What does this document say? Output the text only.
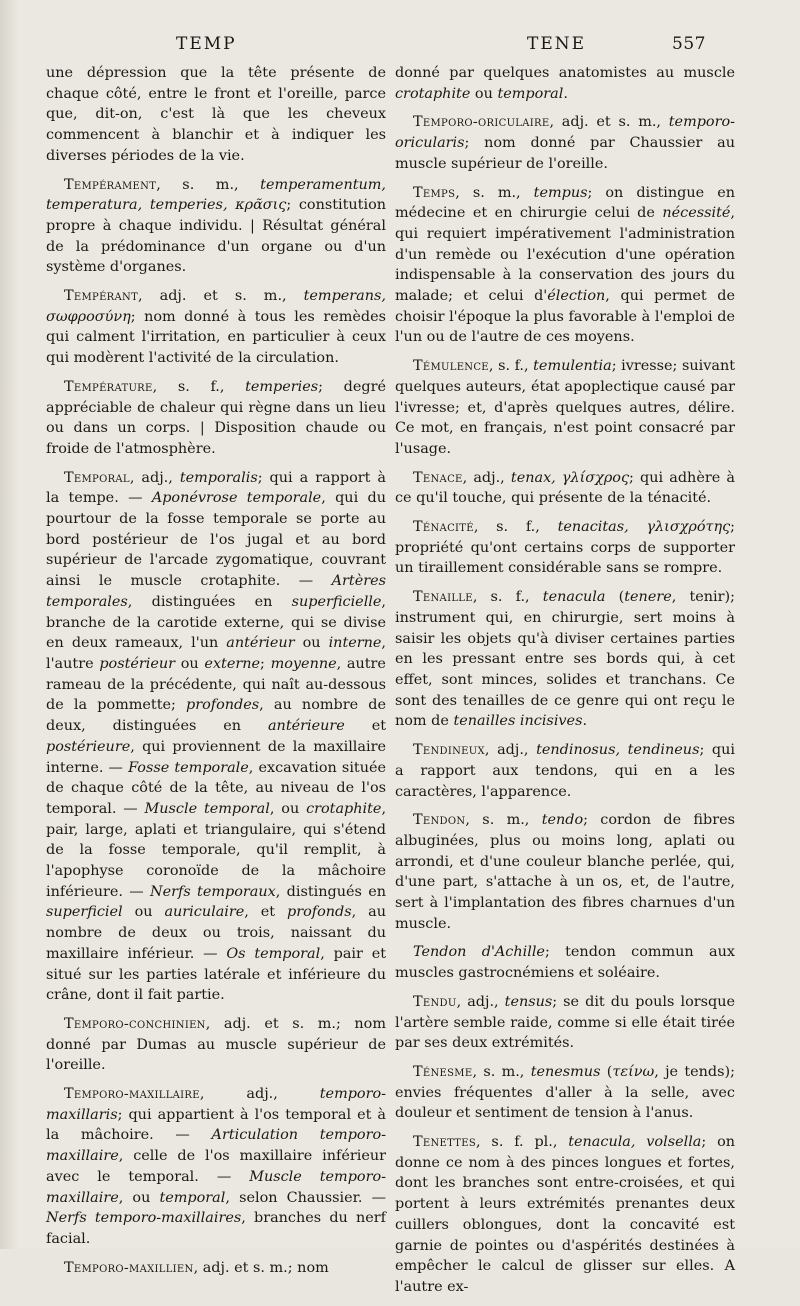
TEMP	TENE	557

une dépression que la tête présente de chaque côté, entre le front et l'oreille, parce que, dit-on, c'est là que les cheveux commencent à blanchir et à indiquer les diverses périodes de la vie.

Tempérament, s. m., temperamentum, temperatura, temperies, κρᾶσις; constitution propre à chaque individu. | Résultat général de la prédominance d'un organe ou d'un système d'organes.

Tempérant, adj. et s. m., temperans, σωφροσύνη; nom donné à tous les remèdes qui calment l'irritation, en particulier à ceux qui modèrent l'activité de la circulation.

Température, s. f., temperies; degré appréciable de chaleur qui règne dans un lieu ou dans un corps. | Disposition chaude ou froide de l'atmosphère.

Temporal, adj., temporalis; qui a rapport à la tempe. — Aponévrose temporale, qui du pourtour de la fosse temporale se porte au bord postérieur de l'os jugal et au bord supérieur de l'arcade zygomatique, couvrant ainsi le muscle crotaphite. — Artères temporales, distinguées en superficielle, branche de la carotide externe, qui se divise en deux rameaux, l'un antérieur ou interne, l'autre postérieur ou externe; moyenne, autre rameau de la précédente, qui naît au-dessous de la pommette; profondes, au nombre de deux, distinguées en antérieure et postérieure, qui proviennent de la maxillaire interne. — Fosse temporale, excavation située de chaque côté de la tête, au niveau de l'os temporal. — Muscle temporal, ou crotaphite, pair, large, aplati et triangulaire, qui s'étend de la fosse temporale, qu'il remplit, à l'apophyse coronoïde de la mâchoire inférieure. — Nerfs temporaux, distingués en superficiel ou auriculaire, et profonds, au nombre de deux ou trois, naissant du maxillaire inférieur. — Os temporal, pair et situé sur les parties latérale et inférieure du crâne, dont il fait partie.

Temporo-conchinien, adj. et s. m.; nom donné par Dumas au muscle supérieur de l'oreille.

Temporo-maxillaire, adj., temporo-maxillaris; qui appartient à l'os temporal et à la mâchoire. — Articulation temporo-maxillaire, celle de l'os maxillaire inférieur avec le temporal. — Muscle temporo-maxillaire, ou temporal, selon Chaussier. — Nerfs temporo-maxillaires, branches du nerf facial.

Temporo-maxillien, adj. et s. m.; nom

donné par quelques anatomistes au muscle crotaphite ou temporal.

Temporo-oriculaire, adj. et s. m., temporo-oricularis; nom donné par Chaussier au muscle supérieur de l'oreille.

Temps, s. m., tempus; on distingue en médecine et en chirurgie celui de nécessité, qui requiert impérativement l'administration d'un remède ou l'exécution d'une opération indispensable à la conservation des jours du malade; et celui d'élection, qui permet de choisir l'époque la plus favorable à l'emploi de l'un ou de l'autre de ces moyens.

Témulence, s. f., temulentia; ivresse; suivant quelques auteurs, état apoplectique causé par l'ivresse; et, d'après quelques autres, délire. Ce mot, en français, n'est point consacré par l'usage.

Tenace, adj., tenax, γλίσχρος; qui adhère à ce qu'il touche, qui présente de la ténacité.

Ténacité, s. f., tenacitas, γλισχρότης; propriété qu'ont certains corps de supporter un tiraillement considérable sans se rompre.

Tenaille, s. f., tenacula (tenere, tenir); instrument qui, en chirurgie, sert moins à saisir les objets qu'à diviser certaines parties en les pressant entre ses bords qui, à cet effet, sont minces, solides et tranchans. Ce sont des tenailles de ce genre qui ont reçu le nom de tenailles incisives.

Tendineux, adj., tendinosus, tendineus; qui a rapport aux tendons, qui en a les caractères, l'apparence.

Tendon, s. m., tendo; cordon de fibres albuginées, plus ou moins long, aplati ou arrondi, et d'une couleur blanche perlée, qui, d'une part, s'attache à un os, et, de l'autre, sert à l'implantation des fibres charnues d'un muscle.

Tendon d'Achille; tendon commun aux muscles gastrocnémiens et soléaire.

Tendu, adj., tensus; se dit du pouls lorsque l'artère semble raide, comme si elle était tirée par ses deux extrémités.

Ténesme, s. m., tenesmus (τείνω, je tends); envies fréquentes d'aller à la selle, avec douleur et sentiment de tension à l'anus.

Tenettes, s. f. pl., tenacula, volsella; on donne ce nom à des pinces longues et fortes, dont les branches sont entre-croisées, et qui portent à leurs extrémités prenantes deux cuillers oblongues, dont la concavité est garnie de pointes ou d'aspérités destinées à empêcher le calcul de glisser sur elles. A l'autre ex-
